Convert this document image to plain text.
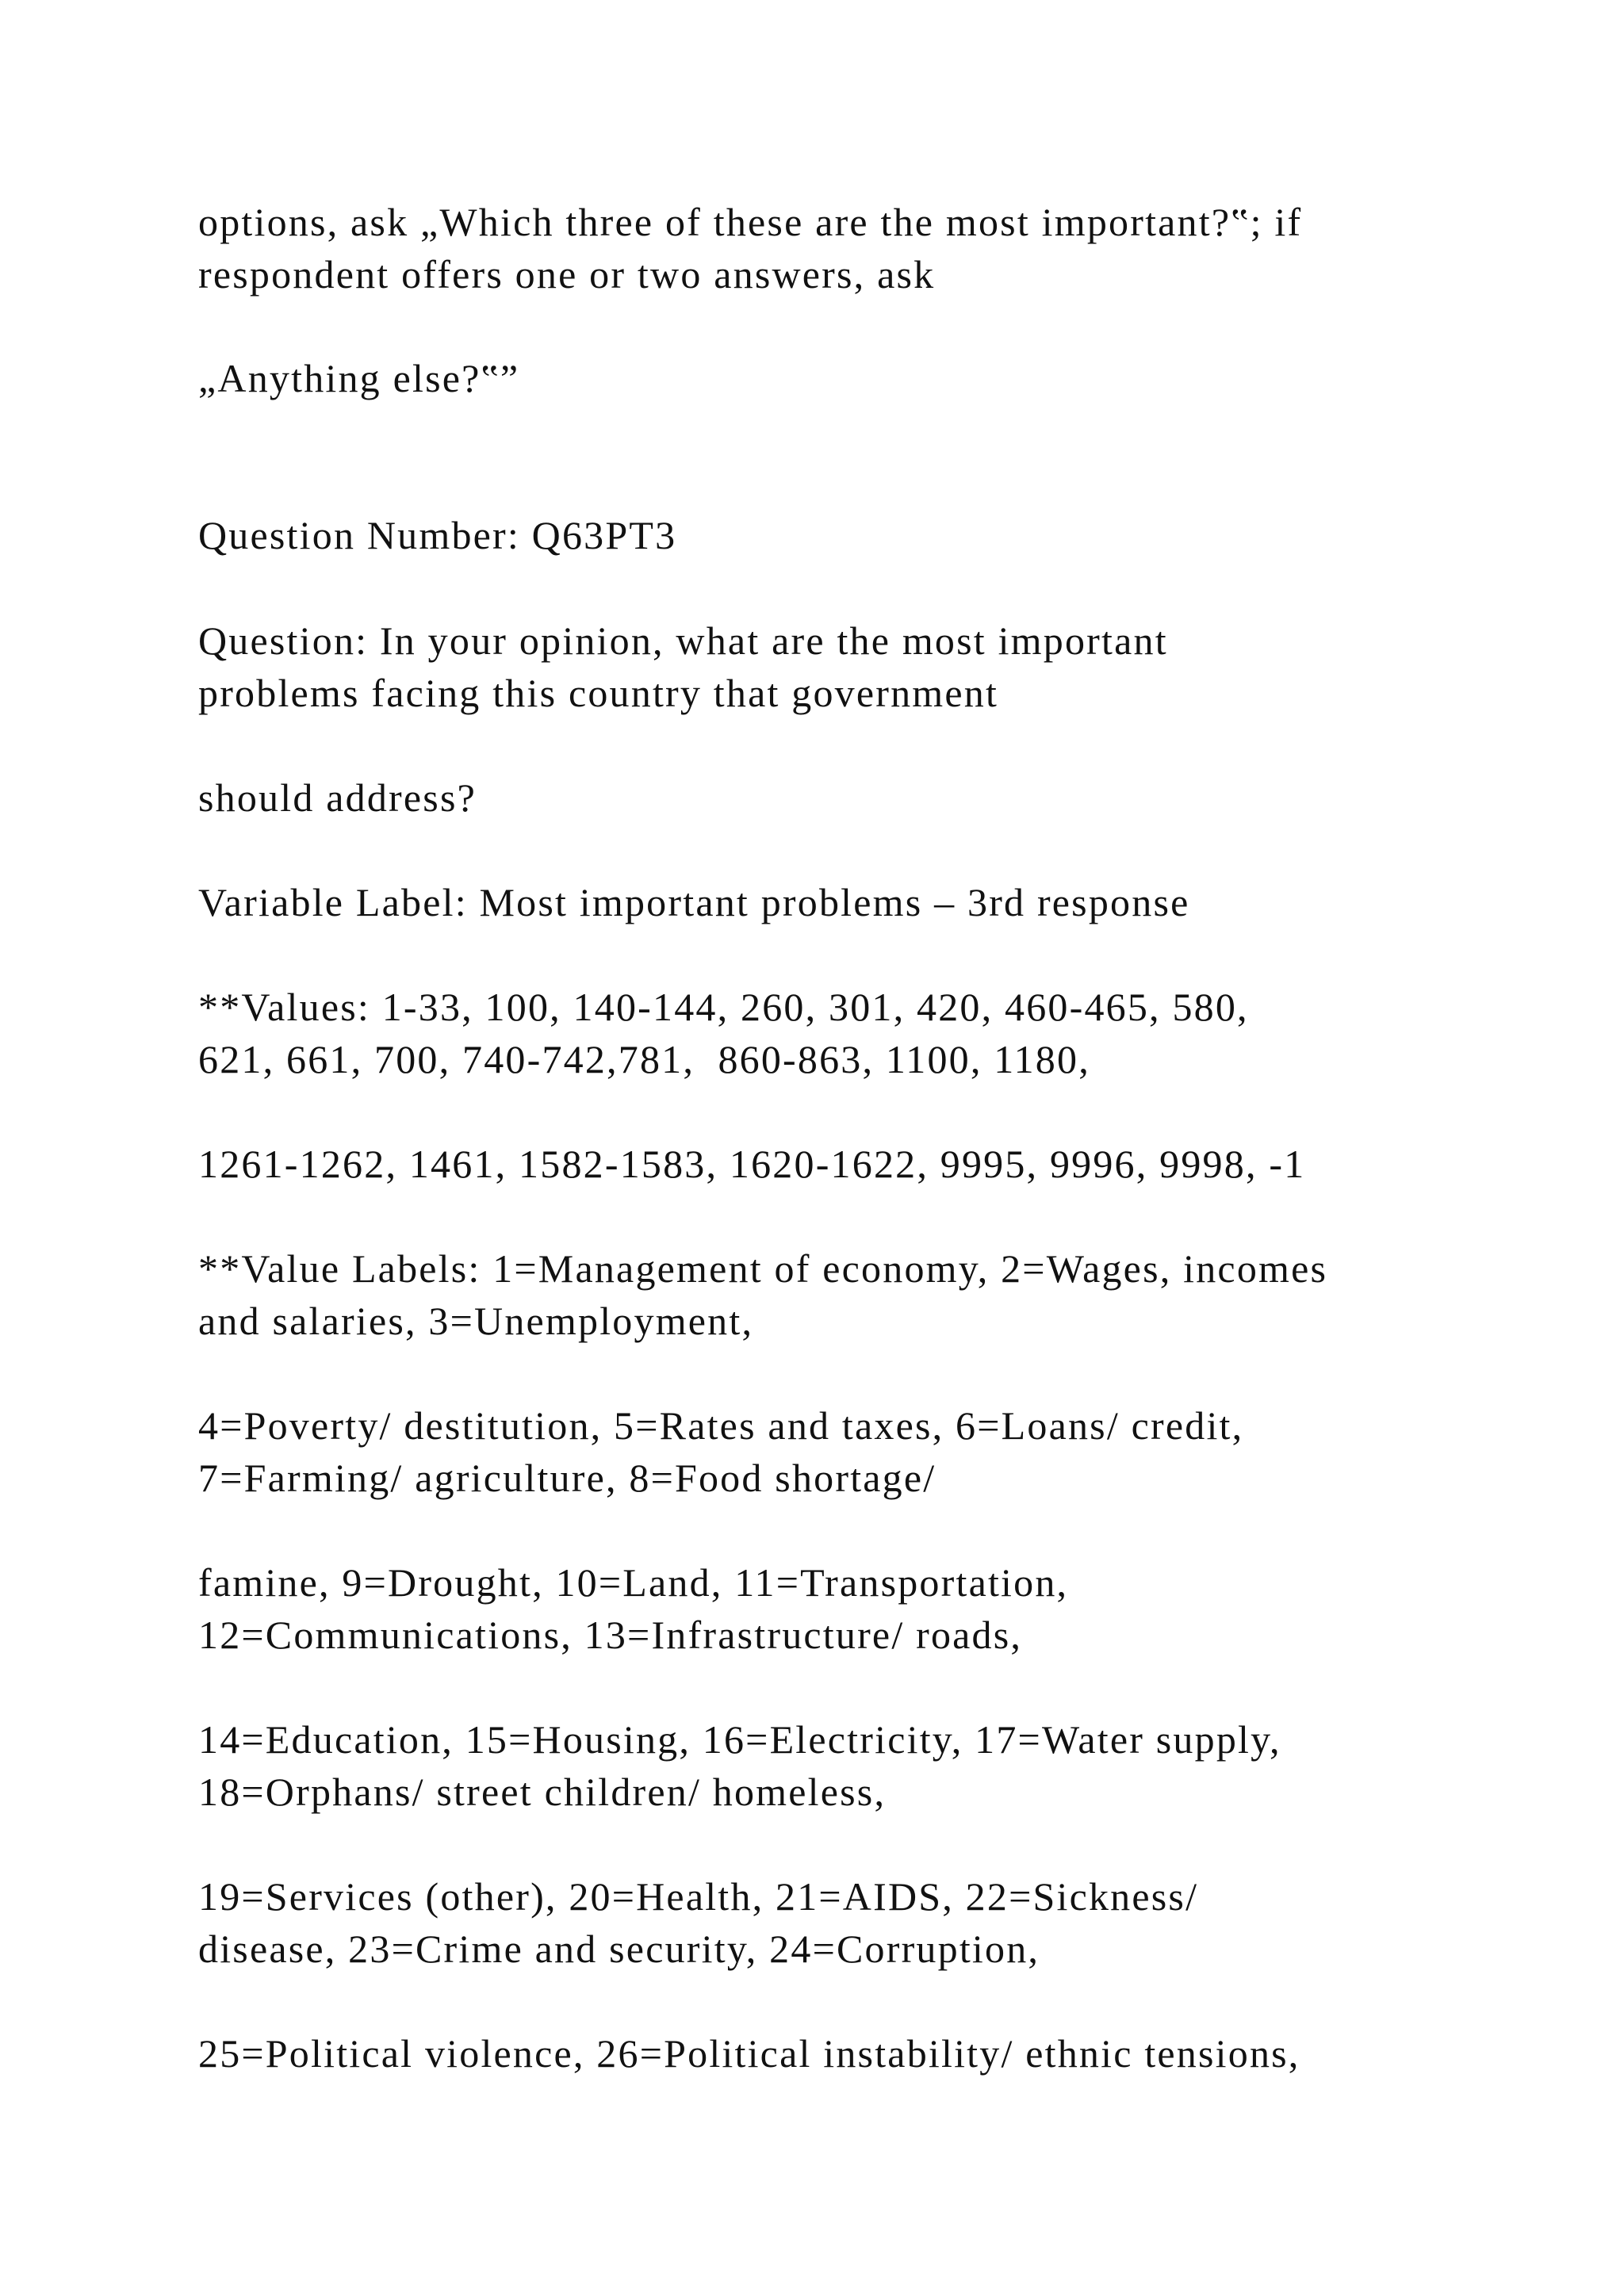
options, ask „Which three of these are the most important?‟; if

respondent offers one or two answers, ask

„Anything else?‟”

Question Number: Q63PT3

Question: In your opinion, what are the most important

problems facing this country that government

should address?

Variable Label: Most important problems – 3rd response

**Values: 1-33, 100, 140-144, 260, 301, 420, 460-465, 580,

621, 661, 700, 740-742,781,  860-863, 1100, 1180,

1261-1262, 1461, 1582-1583, 1620-1622, 9995, 9996, 9998, -1

**Value Labels: 1=Management of economy, 2=Wages, incomes

and salaries, 3=Unemployment,

4=Poverty/ destitution, 5=Rates and taxes, 6=Loans/ credit,

7=Farming/ agriculture, 8=Food shortage/

famine, 9=Drought, 10=Land, 11=Transportation,

12=Communications, 13=Infrastructure/ roads,

14=Education, 15=Housing, 16=Electricity, 17=Water supply,

18=Orphans/ street children/ homeless,

19=Services (other), 20=Health, 21=AIDS, 22=Sickness/

disease, 23=Crime and security, 24=Corruption,

25=Political violence, 26=Political instability/ ethnic tensions,
